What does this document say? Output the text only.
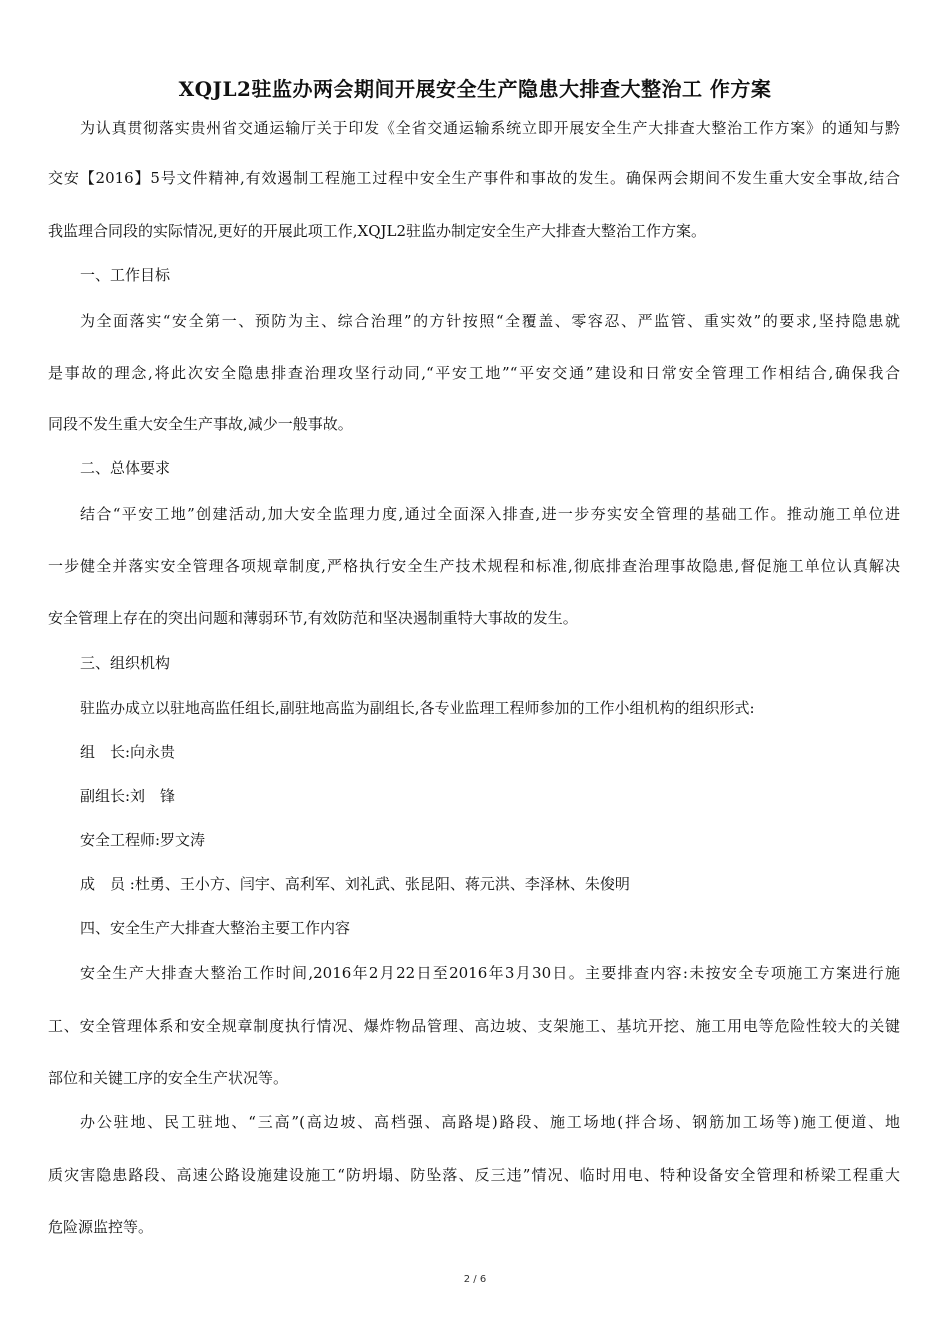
XQJL2驻监办两会期间开展安全生产隐患大排查大整治工 作方案
为认真贯彻落实贵州省交通运输厅关于印发《全省交通运输系统立即开展安全生产大排查大整治工作方案》的通知与黔
交安【2016】5号文件精神,有效遏制工程施工过程中安全生产事件和事故的发生。确保两会期间不发生重大安全事故,结合
我监理合同段的实际情况,更好的开展此项工作,XQJL2驻监办制定安全生产大排查大整治工作方案。
一、工作目标
为全面落实“安全第一、预防为主、综合治理”的方针按照“全覆盖、零容忍、严监管、重实效”的要求,坚持隐患就
是事故的理念,将此次安全隐患排查治理攻坚行动同,“平安工地”“平安交通”建设和日常安全管理工作相结合,确保我合
同段不发生重大安全生产事故,减少一般事故。
二、总体要求
结合“平安工地”创建活动,加大安全监理力度,通过全面深入排查,进一步夯实安全管理的基础工作。推动施工单位进
一步健全并落实安全管理各项规章制度,严格执行安全生产技术规程和标准,彻底排查治理事故隐患,督促施工单位认真解决
安全管理上存在的突出问题和薄弱环节,有效防范和坚决遏制重特大事故的发生。
三、组织机构
驻监办成立以驻地高监任组长,副驻地高监为副组长,各专业监理工程师参加的工作小组机构的组织形式:
组　长:向永贵
副组长:刘　锋
安全工程师:罗文涛
成　员 :杜勇、王小方、闫宇、高利军、刘礼武、张昆阳、蒋元洪、李泽林、朱俊明
四、安全生产大排查大整治主要工作内容
安全生产大排查大整治工作时间,2016年2月22日至2016年3月30日。主要排查内容:未按安全专项施工方案进行施
工、安全管理体系和安全规章制度执行情况、爆炸物品管理、高边坡、支架施工、基坑开挖、施工用电等危险性较大的关键
部位和关键工序的安全生产状况等。
办公驻地、民工驻地、“三高”(高边坡、高档强、高路堤)路段、施工场地(拌合场、钢筋加工场等)施工便道、地
质灾害隐患路段、高速公路设施建设施工“防坍塌、防坠落、反三违”情况、临时用电、特种设备安全管理和桥梁工程重大
危险源监控等。
2 / 6
